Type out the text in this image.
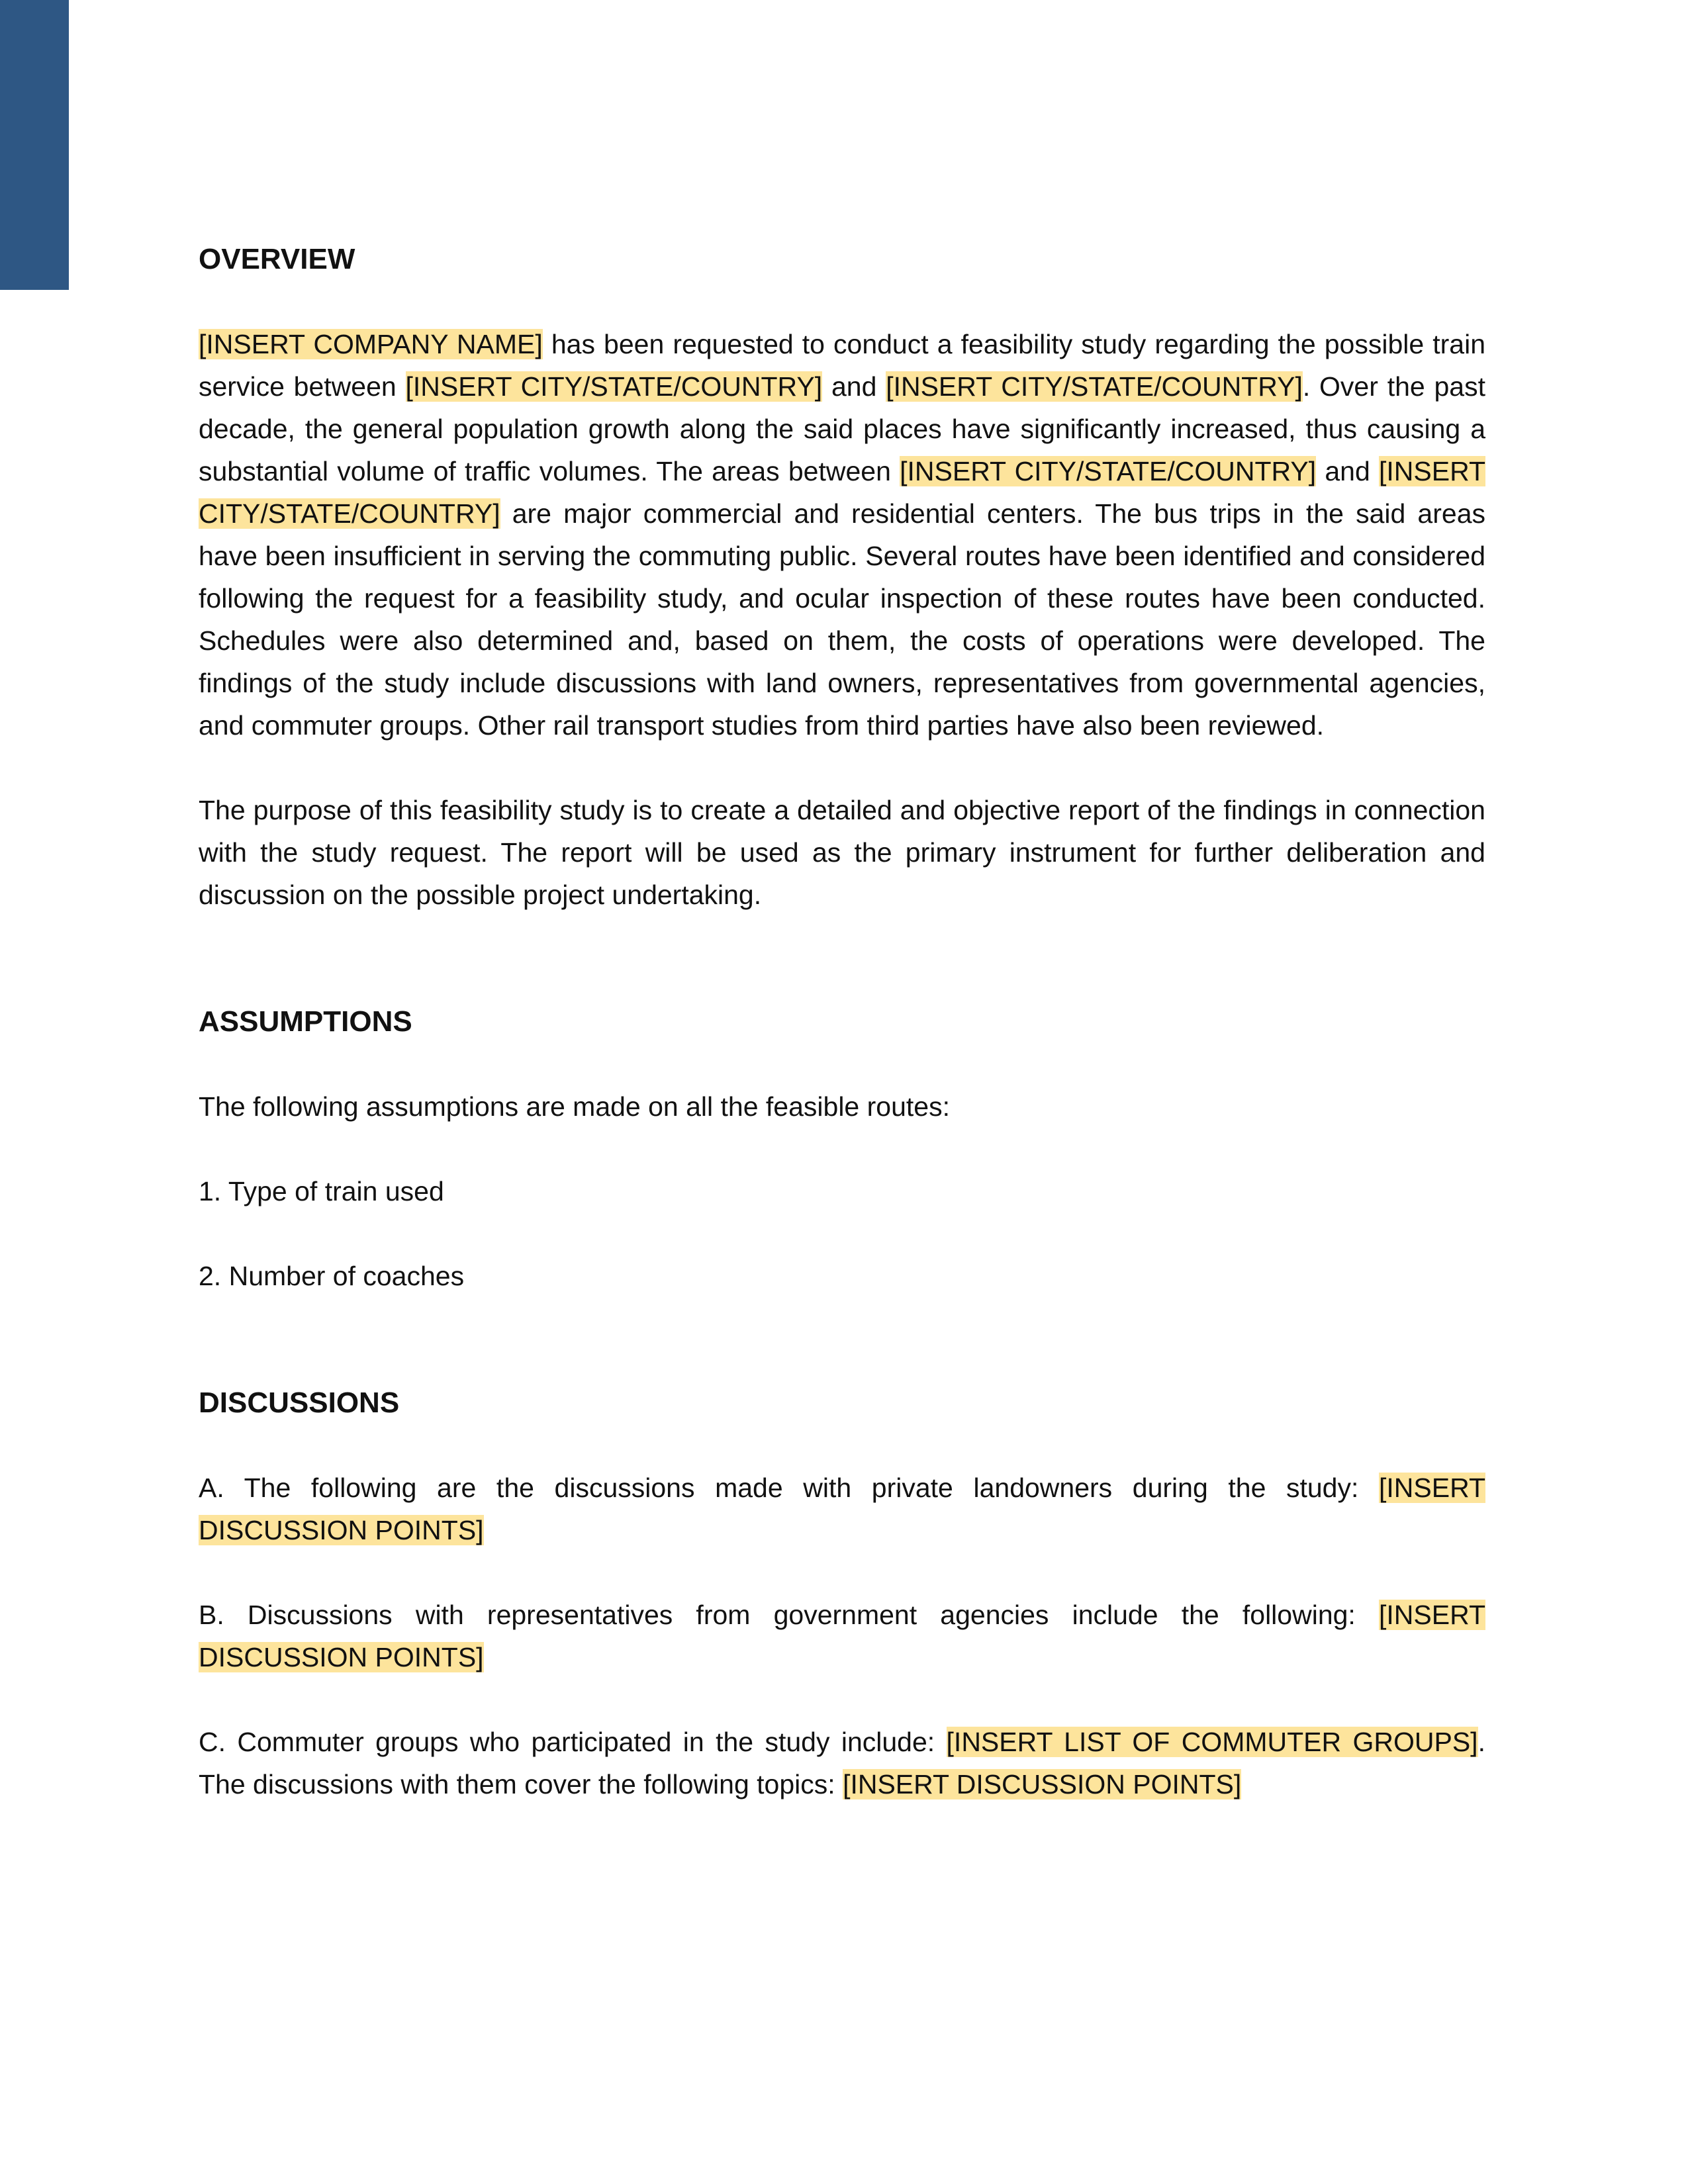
OVERVIEW

[INSERT COMPANY NAME] has been requested to conduct a feasibility study regarding the possible train service between [INSERT CITY/STATE/COUNTRY] and [INSERT CITY/STATE/COUNTRY]. Over the past decade, the general population growth along the said places have significantly increased, thus causing a substantial volume of traffic volumes. The areas between [INSERT CITY/STATE/COUNTRY] and [INSERT CITY/STATE/COUNTRY] are major commercial and residential centers. The bus trips in the said areas have been insufficient in serving the commuting public. Several routes have been identified and considered following the request for a feasibility study, and ocular inspection of these routes have been conducted. Schedules were also determined and, based on them, the costs of operations were developed. The findings of the study include discussions with land owners, representatives from governmental agencies, and commuter groups. Other rail transport studies from third parties have also been reviewed.

The purpose of this feasibility study is to create a detailed and objective report of the findings in connection with the study request. The report will be used as the primary instrument for further deliberation and discussion on the possible project undertaking.

ASSUMPTIONS

The following assumptions are made on all the feasible routes:

1. Type of train used

2. Number of coaches

DISCUSSIONS

A. The following are the discussions made with private landowners during the study: [INSERT DISCUSSION POINTS]

B. Discussions with representatives from government agencies include the following: [INSERT DISCUSSION POINTS]

C. Commuter groups who participated in the study include: [INSERT LIST OF COMMUTER GROUPS]. The discussions with them cover the following topics: [INSERT DISCUSSION POINTS]
